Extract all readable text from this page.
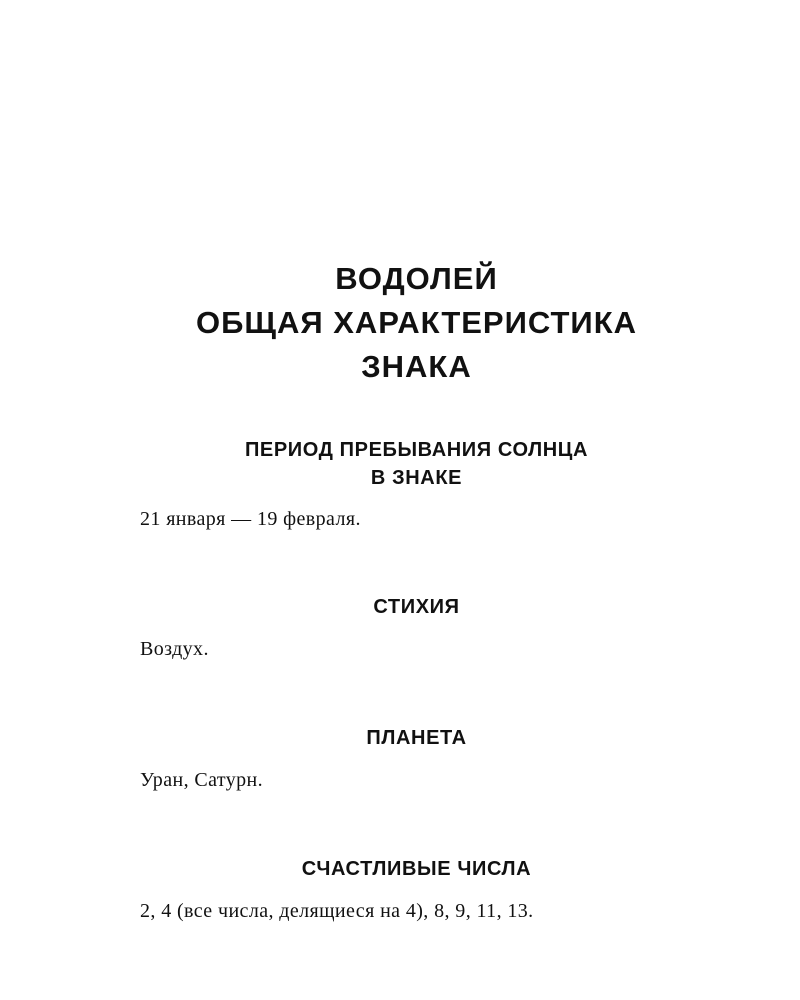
ВОДОЛЕЙ
ОБЩАЯ ХАРАКТЕРИСТИКА
ЗНАКА
ПЕРИОД ПРЕБЫВАНИЯ СОЛНЦА
В ЗНАКЕ

21 января — 19 февраля.

СТИХИЯ

Воздух.

ПЛАНЕТА

Уран, Сатурн.

СЧАСТЛИВЫЕ ЧИСЛА

2, 4 (все числа, делящиеся на 4), 8, 9, 11, 13.
